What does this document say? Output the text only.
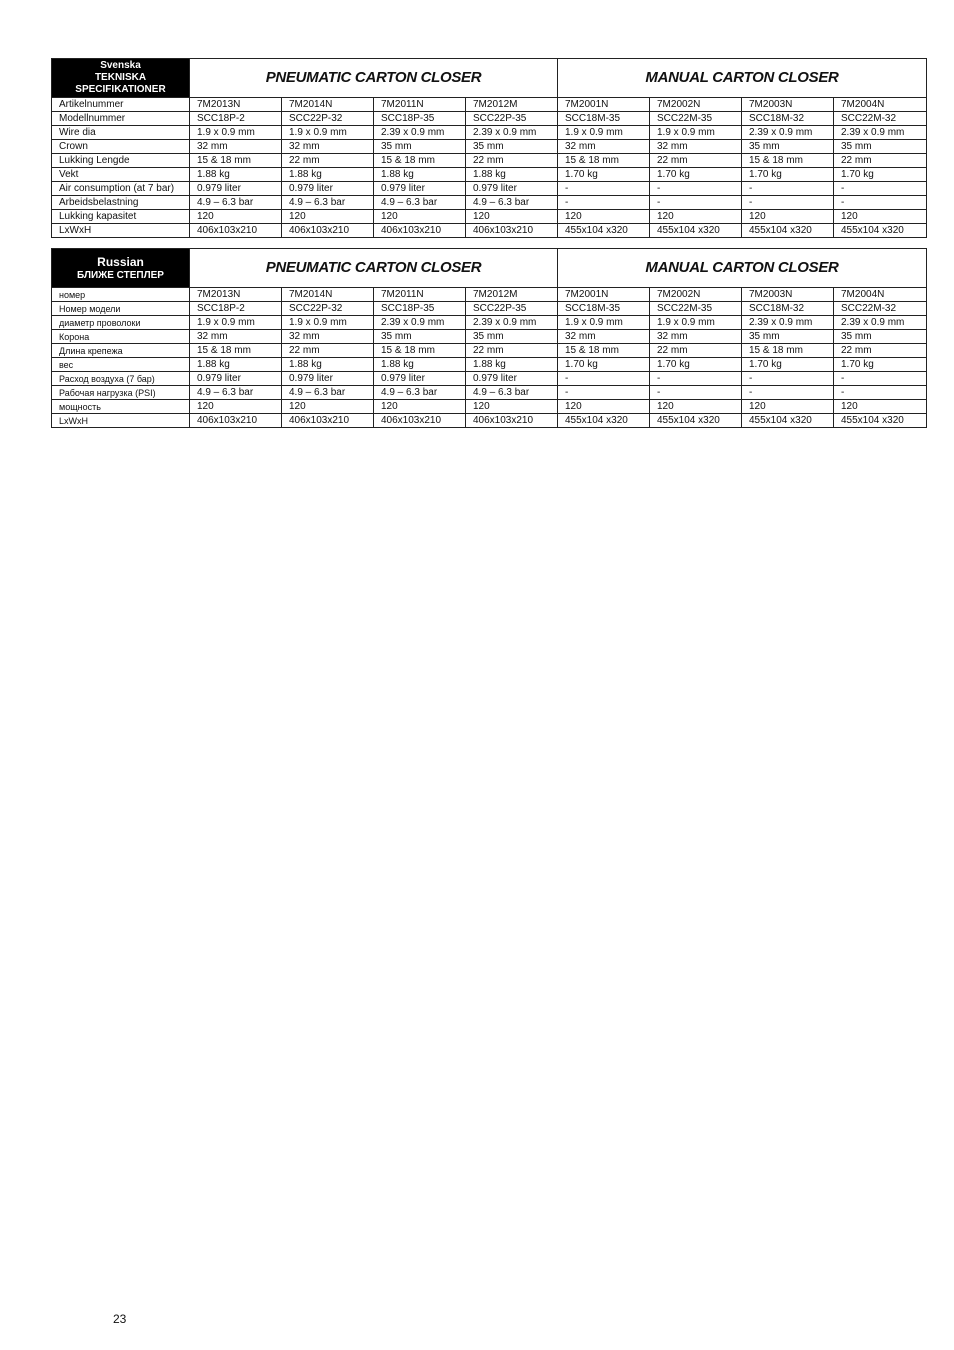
Svenska
TEKNISKA
SPECIFIKATIONER	PNEUMATIC CARTON CLOSER				MANUAL CARTON CLOSER			
Artikelnummer	7M2013N	7M2014N	7M2011N	7M2012M	7M2001N	7M2002N	7M2003N	7M2004N
Modellnummer	SCC18P-2	SCC22P-32	SCC18P-35	SCC22P-35	SCC18M-35	SCC22M-35	SCC18M-32	SCC22M-32
Wire dia	1.9 x 0.9 mm	1.9 x 0.9 mm	2.39 x 0.9 mm	2.39 x 0.9 mm	1.9 x 0.9 mm	1.9 x 0.9 mm	2.39 x 0.9 mm	2.39 x 0.9 mm
Crown	32 mm	32 mm	35 mm	35 mm	32 mm	32 mm	35 mm	35 mm
Lukking Lengde	15 & 18 mm	22 mm	15 & 18 mm	22 mm	15 & 18 mm	22 mm	15 & 18 mm	22 mm
Vekt	1.88 kg	1.88 kg	1.88 kg	1.88 kg	1.70 kg	1.70 kg	1.70 kg	1.70 kg
Air consumption (at 7 bar)	0.979 liter	0.979 liter	0.979 liter	0.979 liter	-	-	-	-
Arbeidsbelastning	4.9 – 6.3 bar	4.9 – 6.3 bar	4.9 – 6.3 bar	4.9 – 6.3 bar	-	-	-	-
Lukking kapasitet	120	120	120	120	120	120	120	120
LxWxH	406x103x210	406x103x210	406x103x210	406x103x210	455x104 x320	455x104 x320	455x104 x320	455x104 x320
Russian
БЛИЖЕ СТЕПЛЕР	PNEUMATIC CARTON CLOSER				MANUAL CARTON CLOSER			
номер	7M2013N	7M2014N	7M2011N	7M2012M	7M2001N	7M2002N	7M2003N	7M2004N
Номер модели	SCC18P-2	SCC22P-32	SCC18P-35	SCC22P-35	SCC18M-35	SCC22M-35	SCC18M-32	SCC22M-32
диаметр проволоки	1.9 x 0.9 mm	1.9 x 0.9 mm	2.39 x 0.9 mm	2.39 x 0.9 mm	1.9 x 0.9 mm	1.9 x 0.9 mm	2.39 x 0.9 mm	2.39 x 0.9 mm
Корона	32 mm	32 mm	35 mm	35 mm	32 mm	32 mm	35 mm	35 mm
Длина крепежа	15 & 18 mm	22 mm	15 & 18 mm	22 mm	15 & 18 mm	22 mm	15 & 18 mm	22 mm
вес	1.88 kg	1.88 kg	1.88 kg	1.88 kg	1.70 kg	1.70 kg	1.70 kg	1.70 kg
Расход воздуха (7 бар)	0.979 liter	0.979 liter	0.979 liter	0.979 liter	-	-	-	-
Рабочая нагрузка (PSI)	4.9 – 6.3 bar	4.9 – 6.3 bar	4.9 – 6.3 bar	4.9 – 6.3 bar	-	-	-	-
мощность	120	120	120	120	120	120	120	120
LxWxH	406x103x210	406x103x210	406x103x210	406x103x210	455x104 x320	455x104 x320	455x104 x320	455x104 x320
23
